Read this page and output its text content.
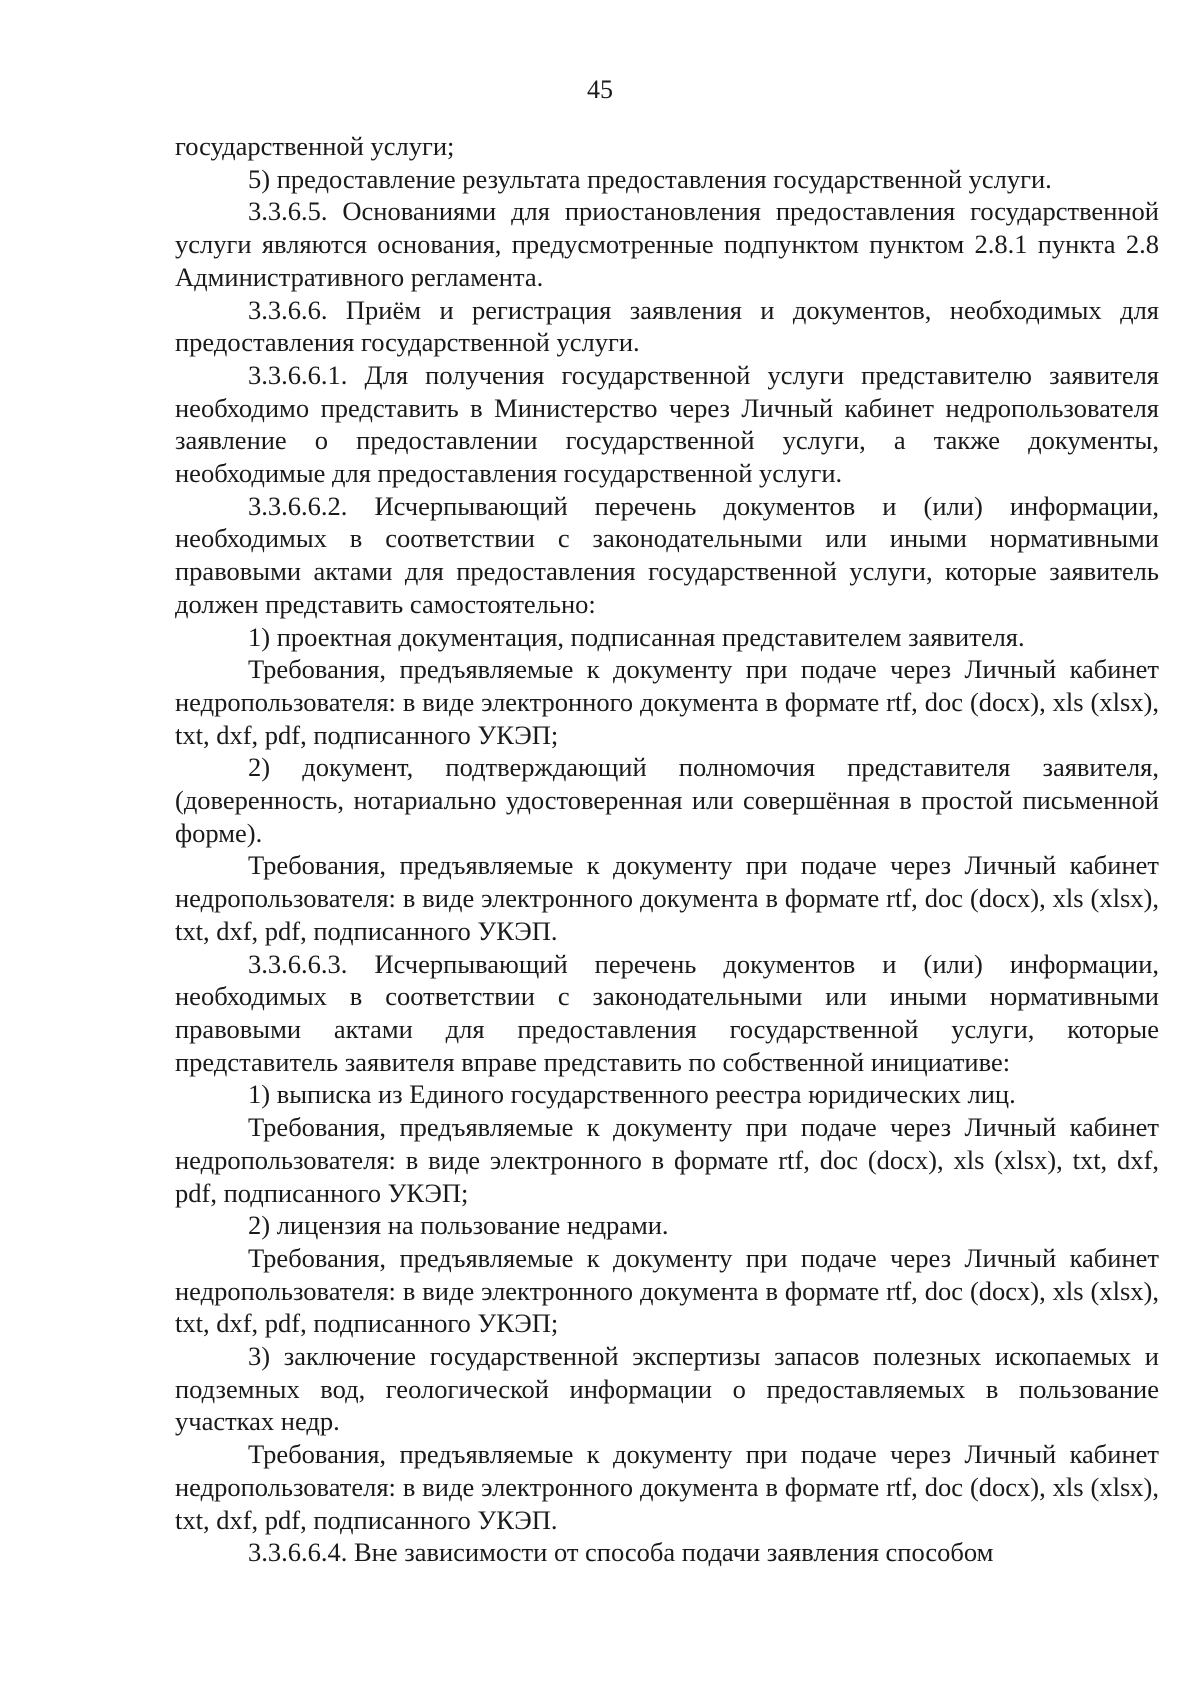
45

государственной услуги;

5) предоставление результата предоставления государственной услуги.

3.3.6.5. Основаниями для приостановления предоставления государственной услуги являются основания, предусмотренные подпунктом пунктом 2.8.1 пункта 2.8 Административного регламента.

3.3.6.6. Приём и регистрация заявления и документов, необходимых для предоставления государственной услуги.

3.3.6.6.1. Для получения государственной услуги представителю заявителя необходимо представить в Министерство через Личный кабинет недропользователя заявление о предоставлении государственной услуги, а также документы, необходимые для предоставления государственной услуги.

3.3.6.6.2. Исчерпывающий перечень документов и (или) информации, необходимых в соответствии с законодательными или иными нормативными правовыми актами для предоставления государственной услуги, которые заявитель должен представить самостоятельно:

1) проектная документация, подписанная представителем заявителя.

Требования, предъявляемые к документу при подаче через Личный кабинет недропользователя: в виде электронного документа в формате rtf, doc (docx), xls (xlsx), txt, dxf, pdf, подписанного УКЭП;

2) документ, подтверждающий полномочия представителя заявителя, (доверенность, нотариально удостоверенная или совершённая в простой письменной форме).

Требования, предъявляемые к документу при подаче через Личный кабинет недропользователя: в виде электронного документа в формате rtf, doc (docx), xls (xlsx), txt, dxf, pdf, подписанного УКЭП.

3.3.6.6.3. Исчерпывающий перечень документов и (или) информации, необходимых в соответствии с законодательными или иными нормативными правовыми актами для предоставления государственной услуги, которые представитель заявителя вправе представить по собственной инициативе:

1) выписка из Единого государственного реестра юридических лиц.

Требования, предъявляемые к документу при подаче через Личный кабинет недропользователя: в виде электронного в формате rtf, doc (docx), xls (xlsx), txt, dxf, pdf, подписанного УКЭП;

2) лицензия на пользование недрами.

Требования, предъявляемые к документу при подаче через Личный кабинет недропользователя: в виде электронного документа в формате rtf, doc (docx), xls (xlsx), txt, dxf, pdf, подписанного УКЭП;

3) заключение государственной экспертизы запасов полезных ископаемых и подземных вод, геологической информации о предоставляемых в пользование участках недр.

Требования, предъявляемые к документу при подаче через Личный кабинет недропользователя: в виде электронного документа в формате rtf, doc (docx), xls (xlsx), txt, dxf, pdf, подписанного УКЭП.

3.3.6.6.4. Вне зависимости от способа подачи заявления способом
